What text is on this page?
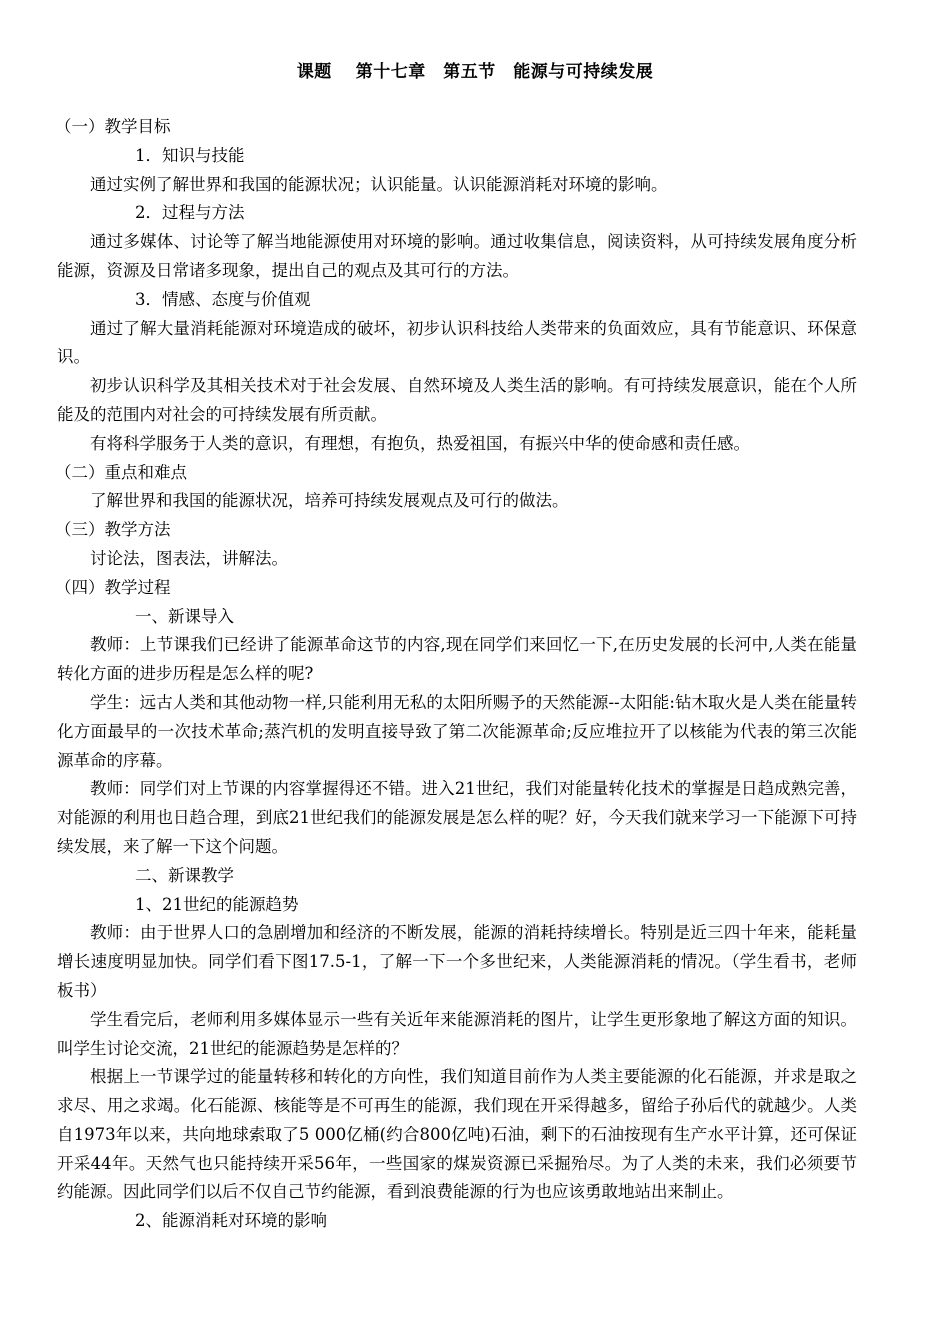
课题　 第十七章　第五节　能源与可持续发展
（一）教学目标
1．知识与技能
通过实例了解世界和我国的能源状况；认识能量。认识能源消耗对环境的影响。
2．过程与方法
通过多媒体、讨论等了解当地能源使用对环境的影响。通过收集信息，阅读资料，从可持续发展角度分析能源，资源及日常诸多现象，提出自己的观点及其可行的方法。
3．情感、态度与价值观
通过了解大量消耗能源对环境造成的破坏，初步认识科技给人类带来的负面效应，具有节能意识、环保意识。
初步认识科学及其相关技术对于社会发展、自然环境及人类生活的影响。有可持续发展意识，能在个人所能及的范围内对社会的可持续发展有所贡献。
有将科学服务于人类的意识，有理想，有抱负，热爱祖国，有振兴中华的使命感和责任感。
（二）重点和难点
了解世界和我国的能源状况，培养可持续发展观点及可行的做法。
（三）教学方法
讨论法，图表法，讲解法。
（四）教学过程
一、新课导入
教师：上节课我们已经讲了能源革命这节的内容,现在同学们来回忆一下,在历史发展的长河中,人类在能量转化方面的进步历程是怎么样的呢?
学生：远古人类和其他动物一样,只能利用无私的太阳所赐予的天然能源--太阳能:钻木取火是人类在能量转化方面最早的一次技术革命;蒸汽机的发明直接导致了第二次能源革命;反应堆拉开了以核能为代表的第三次能源革命的序幕。
教师：同学们对上节课的内容掌握得还不错。进入21世纪，我们对能量转化技术的掌握是日趋成熟完善，对能源的利用也日趋合理，到底21世纪我们的能源发展是怎么样的呢？好，今天我们就来学习一下能源下可持续发展，来了解一下这个问题。
二、新课教学
1、21世纪的能源趋势
教师：由于世界人口的急剧增加和经济的不断发展，能源的消耗持续增长。特别是近三四十年来，能耗量增长速度明显加快。同学们看下图17.5-1，了解一下一个多世纪来，人类能源消耗的情况。（学生看书，老师板书）
学生看完后，老师利用多媒体显示一些有关近年来能源消耗的图片，让学生更形象地了解这方面的知识。叫学生讨论交流，21世纪的能源趋势是怎样的？
根据上一节课学过的能量转移和转化的方向性，我们知道目前作为人类主要能源的化石能源，并求是取之求尽、用之求竭。化石能源、核能等是不可再生的能源，我们现在开采得越多，留给子孙后代的就越少。人类自1973年以来，共向地球索取了5 000亿桶(约合800亿吨)石油，剩下的石油按现有生产水平计算，还可保证开采44年。天然气也只能持续开采56年，一些国家的煤炭资源已采掘殆尽。为了人类的未来，我们必须要节约能源。因此同学们以后不仅自己节约能源，看到浪费能源的行为也应该勇敢地站出来制止。
2、能源消耗对环境的影响
